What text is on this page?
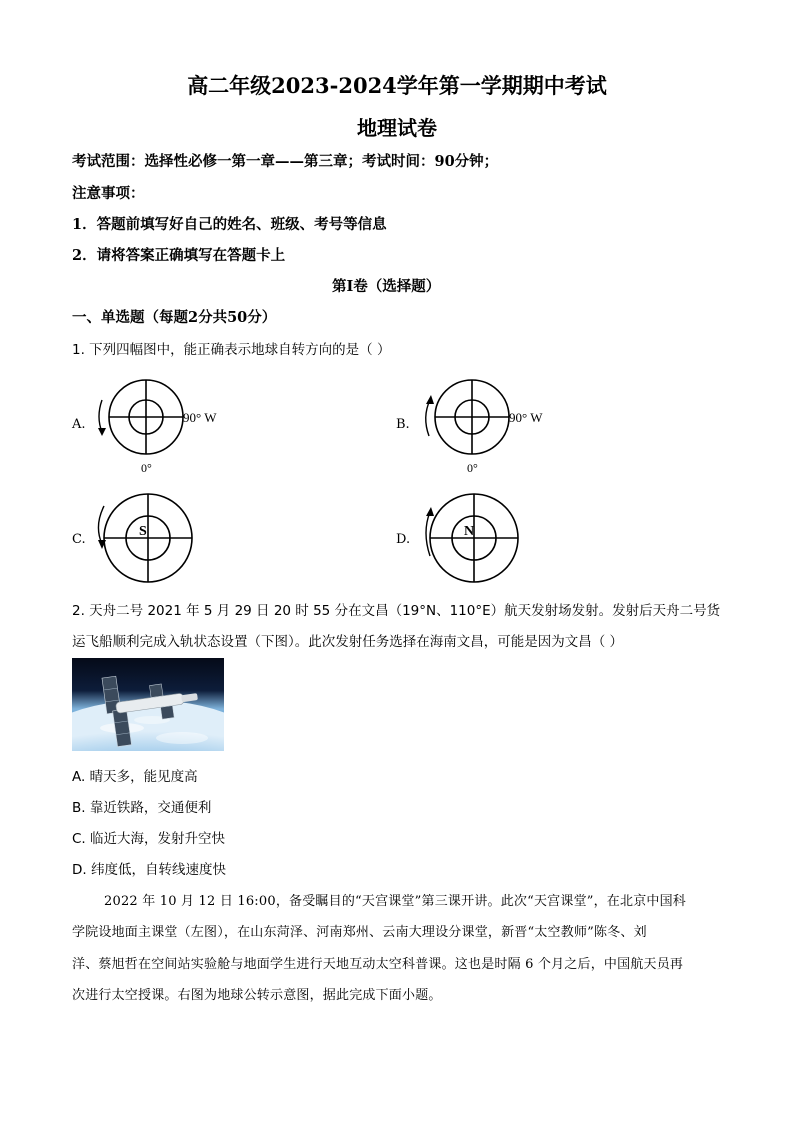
高二年级2023-2024学年第一学期期中考试
地理试卷
考试范围：选择性必修一第一章——第三章；考试时间：90分钟；
注意事项：
1．答题前填写好自己的姓名、班级、考号等信息
2．请将答案正确填写在答题卡上
第I卷（选择题）
一、单选题（每题2分共50分）
1. 下列四幅图中，能正确表示地球自转方向的是（ ）
A.	90° W
0°
B.	90° W
0°
C.
S
D.
N
2. 天舟二号 2021 年 5 月 29 日 20 时 55 分在文昌（19°N、110°E）航天发射场发射。发射后天舟二号货
运飞船顺利完成入轨状态设置（下图）。此次发射任务选择在海南文昌，可能是因为文昌（ ）
A. 晴天多，能见度高
B. 靠近铁路，交通便利
C. 临近大海，发射升空快
D. 纬度低，自转线速度快
2022 年 10 月 12 日 16:00，备受瞩目的“天宫课堂”第三课开讲。此次“天宫课堂”，在北京中国科
学院设地面主课堂（左图），在山东菏泽、河南郑州、云南大理设分课堂，新晋“太空教师”陈冬、刘
洋、蔡旭哲在空间站实验舱与地面学生进行天地互动太空科普课。这也是时隔 6 个月之后，中国航天员再
次进行太空授课。右图为地球公转示意图，据此完成下面小题。
